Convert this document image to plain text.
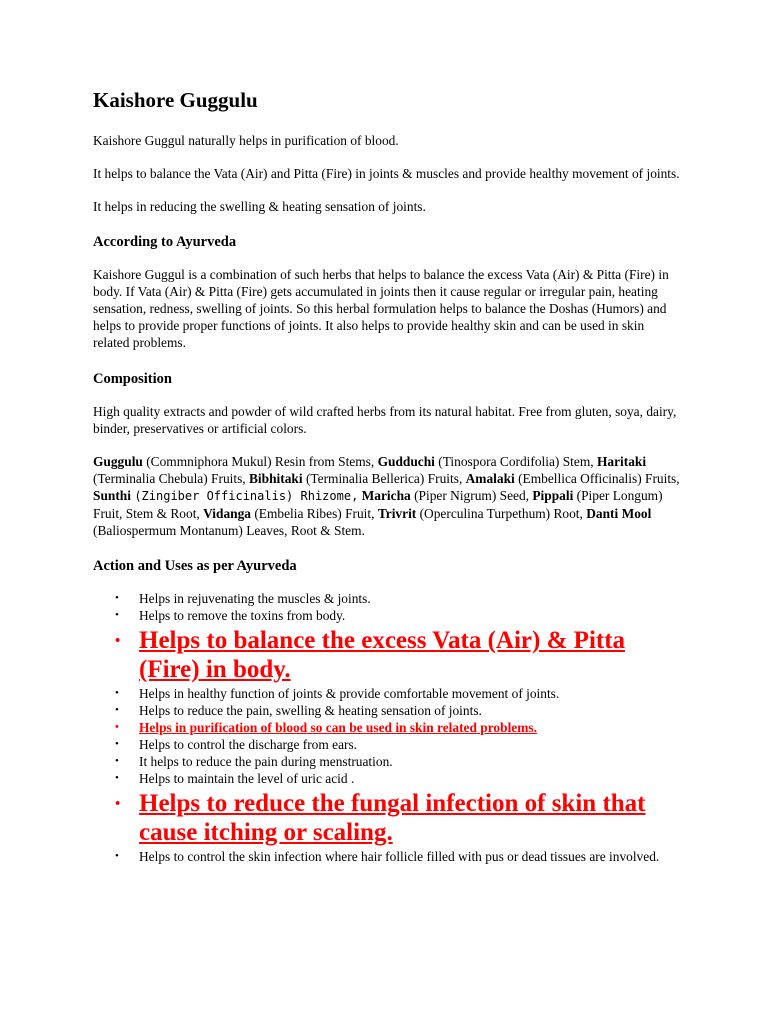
Kaishore Guggulu

Kaishore Guggul naturally helps in purification of blood.

It helps to balance the Vata (Air) and Pitta (Fire) in joints & muscles and provide healthy movement of joints.

It helps in reducing the swelling & heating sensation of joints.

According to Ayurveda

Kaishore Guggul is a combination of such herbs that helps to balance the excess Vata (Air) & Pitta (Fire) in body. If Vata (Air) & Pitta (Fire) gets accumulated in joints then it cause regular or irregular pain, heating sensation, redness, swelling of joints. So this herbal formulation helps to balance the Doshas (Humors) and helps to provide proper functions of joints. It also helps to provide healthy skin and can be used in skin related problems.

Composition

High quality extracts and powder of wild crafted herbs from its natural habitat. Free from gluten, soya, dairy, binder, preservatives or artificial colors.

Guggulu (Commniphora Mukul) Resin from Stems, Gudduchi (Tinospora Cordifolia) Stem, Haritaki (Terminalia Chebula) Fruits, Bibhitaki (Terminalia Bellerica) Fruits, Amalaki (Embellica Officinalis) Fruits, Sunthi (Zingiber Officinalis) Rhizome, Maricha (Piper Nigrum) Seed, Pippali (Piper Longum) Fruit, Stem & Root, Vidanga (Embelia Ribes) Fruit, Trivrit (Operculina Turpethum) Root, Danti Mool (Baliospermum Montanum) Leaves, Root & Stem.

Action and Uses as per Ayurveda
• Helps in rejuvenating the muscles & joints.
• Helps to remove the toxins from body.
• Helps to balance the excess Vata (Air) & Pitta (Fire) in body.
• Helps in healthy function of joints & provide comfortable movement of joints.
• Helps to reduce the pain, swelling & heating sensation of joints.
• Helps in purification of blood so can be used in skin related problems.
• Helps to control the discharge from ears.
• It helps to reduce the pain during menstruation.
• Helps to maintain the level of uric acid .
• Helps to reduce the fungal infection of skin that cause itching or scaling.
• Helps to control the skin infection where hair follicle filled with pus or dead tissues are involved.
